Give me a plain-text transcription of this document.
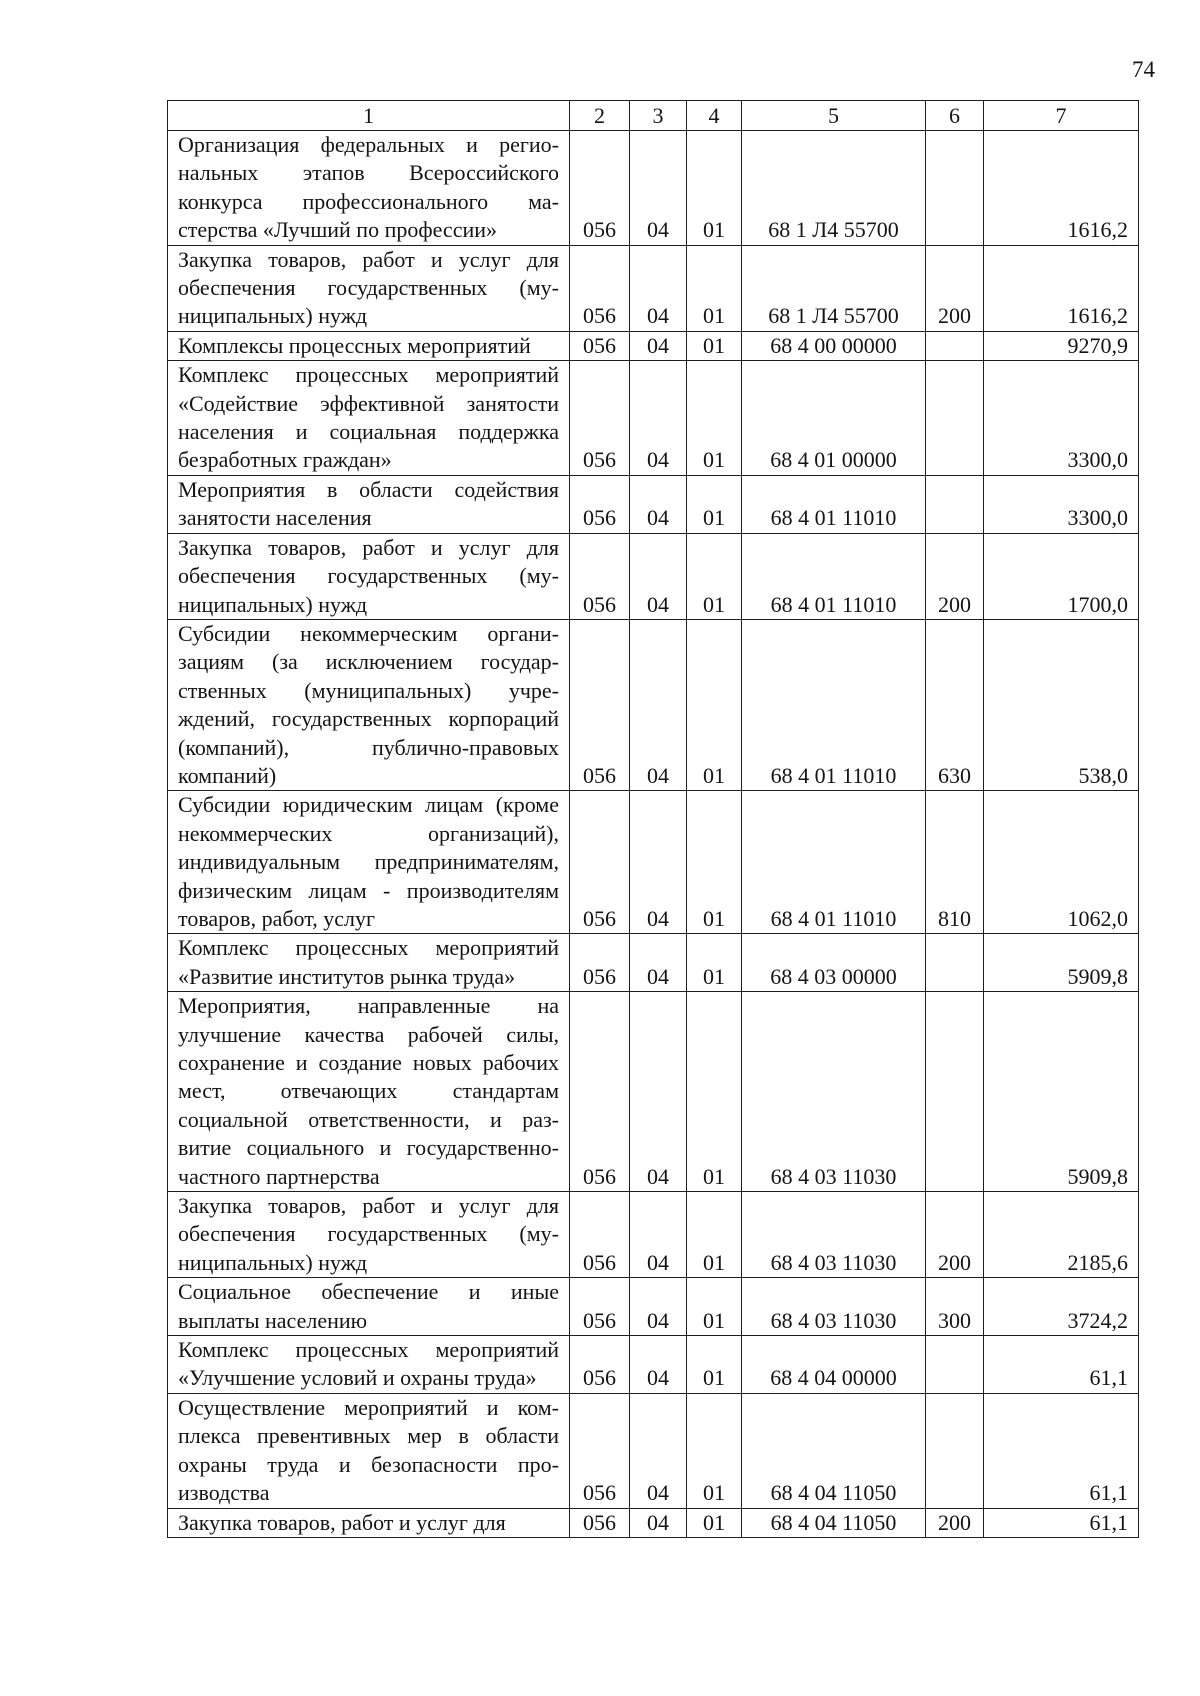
74
1	2	3	4	5	6	7
Организация федеральных и региональных этапов Всероссийского конкурса профессионального мастерства «Лучший по профессии»	056	04	01	68 1 Л4 55700		1616,2
Закупка товаров, работ и услуг для обеспечения государственных (муниципальных) нужд	056	04	01	68 1 Л4 55700	200	1616,2
Комплексы процессных мероприятий	056	04	01	68 4 00 00000		9270,9
Комплекс процессных мероприятий «Содействие эффективной занятости населения и социальная поддержка безработных граждан»	056	04	01	68 4 01 00000		3300,0
Мероприятия в области содействия занятости населения	056	04	01	68 4 01 11010		3300,0
Закупка товаров, работ и услуг для обеспечения государственных (муниципальных) нужд	056	04	01	68 4 01 11010	200	1700,0
Субсидии некоммерческим организациям (за исключением государственных (муниципальных) учреждений, государственных корпораций (компаний), публично-правовых компаний)	056	04	01	68 4 01 11010	630	538,0
Субсидии юридическим лицам (кроме некоммерческих организаций), индивидуальным предпринимателям, физическим лицам - производителям товаров, работ, услуг	056	04	01	68 4 01 11010	810	1062,0
Комплекс процессных мероприятий «Развитие институтов рынка труда»	056	04	01	68 4 03 00000		5909,8
Мероприятия, направленные на улучшение качества рабочей силы, сохранение и создание новых рабочих мест, отвечающих стандартам социальной ответственности, и развитие социального и государственно-частного партнерства	056	04	01	68 4 03 11030		5909,8
Закупка товаров, работ и услуг для обеспечения государственных (муниципальных) нужд	056	04	01	68 4 03 11030	200	2185,6
Социальное обеспечение и иные выплаты населению	056	04	01	68 4 03 11030	300	3724,2
Комплекс процессных мероприятий «Улучшение условий и охраны труда»	056	04	01	68 4 04 00000		61,1
Осуществление мероприятий и комплекса превентивных мер в области охраны труда и безопасности производства	056	04	01	68 4 04 11050		61,1
Закупка товаров, работ и услуг для	056	04	01	68 4 04 11050	200	61,1
